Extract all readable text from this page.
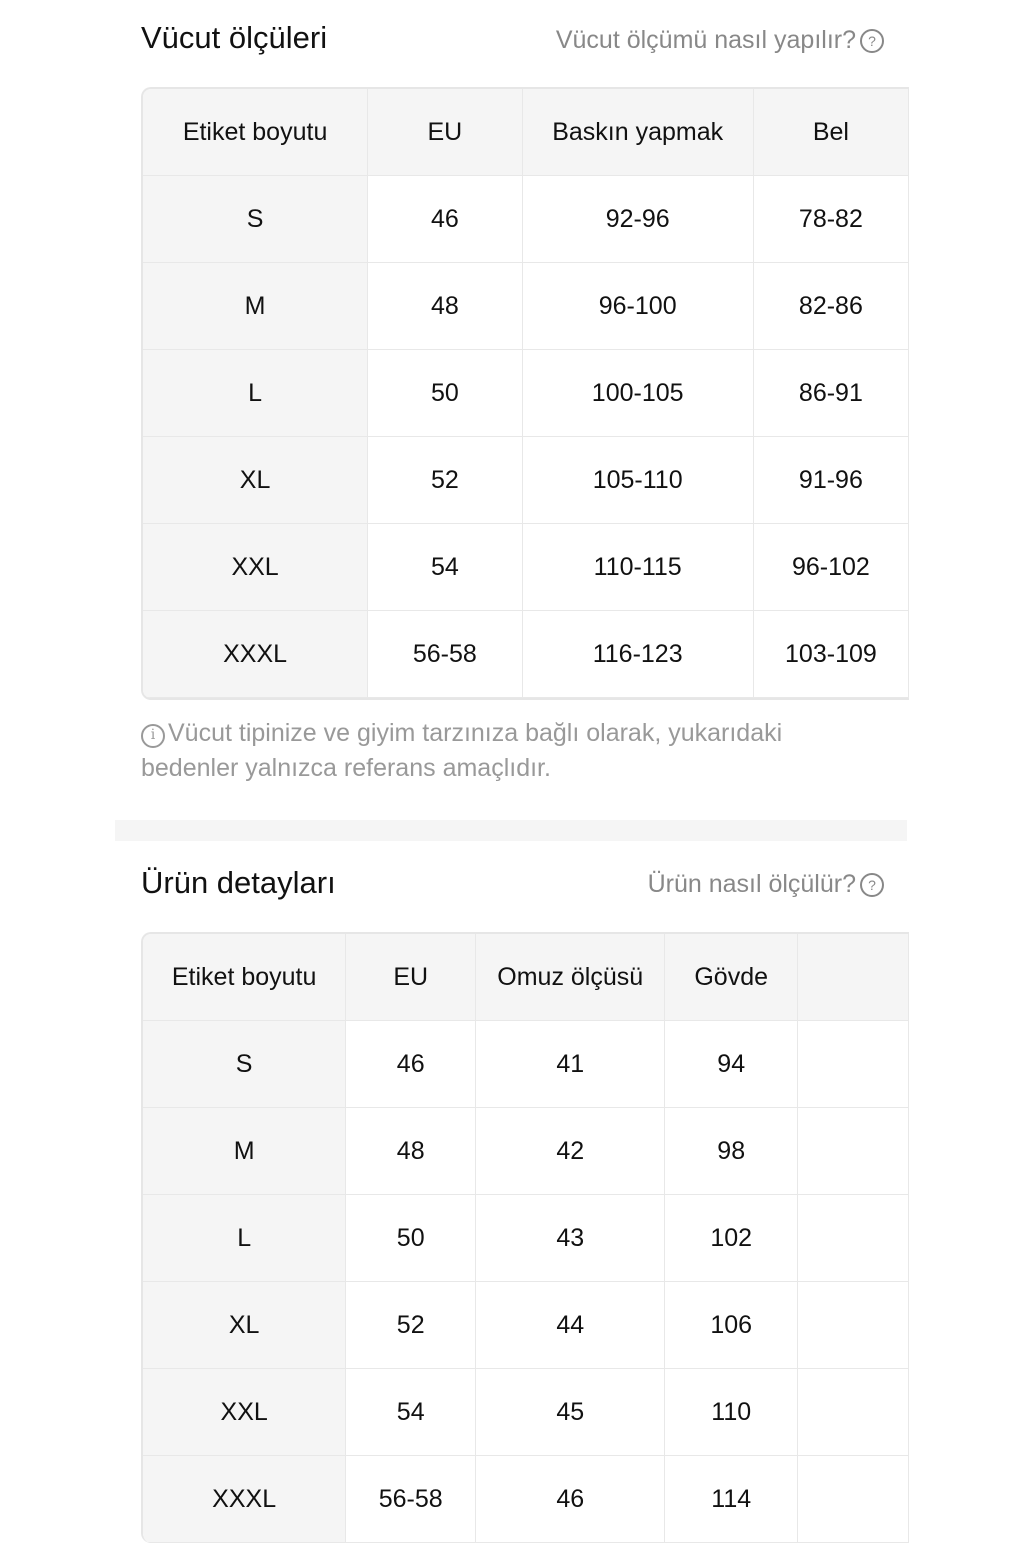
Vücut ölçüleri	Vücut ölçümü nasıl yapılır? ?
Etiket boyutu	EU	Baskın yapmak	Bel
S	46	92-96	78-82
M	48	96-100	82-86
L	50	100-105	86-91
XL	52	105-110	91-96
XXL	54	110-115	96-102
XXXL	56-58	116-123	103-109
i Vücut tipinize ve giyim tarzınıza bağlı olarak, yukarıdaki bedenler yalnızca referans amaçlıdır.
Ürün detayları	Ürün nasıl ölçülür? ?
Etiket boyutu	EU	Omuz ölçüsü	Gövde	
S	46	41	94	
M	48	42	98	
L	50	43	102	
XL	52	44	106	
XXL	54	45	110	
XXXL	56-58	46	114	
